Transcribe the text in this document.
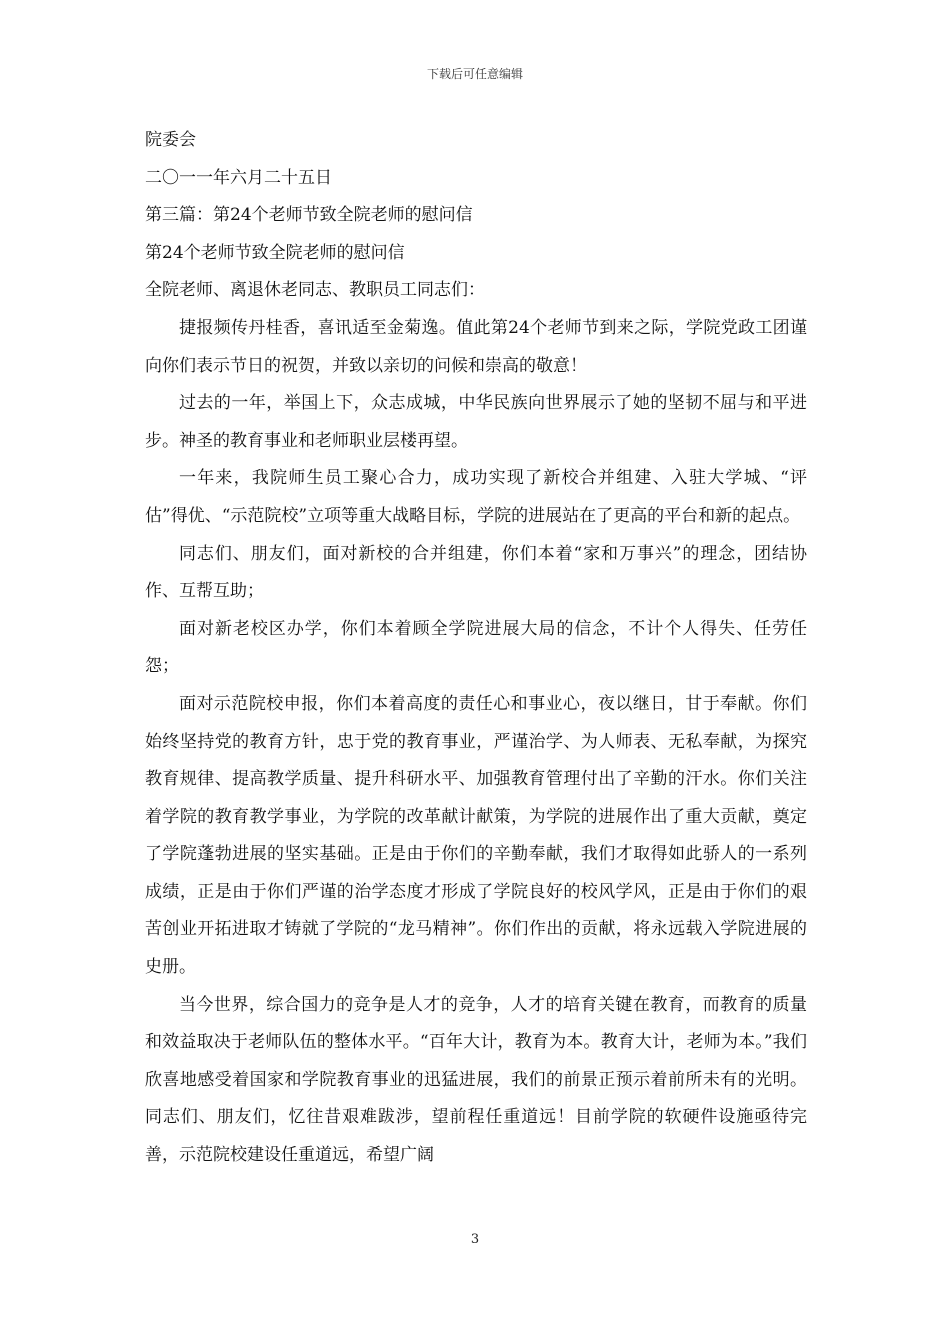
下载后可任意编辑

院委会

二〇一一年六月二十五日

第三篇：第24个老师节致全院老师的慰问信

第24个老师节致全院老师的慰问信

全院老师、离退休老同志、教职员工同志们：

捷报频传丹桂香，喜讯适至金菊逸。值此第24个老师节到来之际，学院党政工团谨向你们表示节日的祝贺，并致以亲切的问候和崇高的敬意！

过去的一年，举国上下，众志成城，中华民族向世界展示了她的坚韧不屈与和平进步。神圣的教育事业和老师职业层楼再望。

一年来，我院师生员工聚心合力，成功实现了新校合并组建、入驻大学城、“评估”得优、“示范院校”立项等重大战略目标，学院的进展站在了更高的平台和新的起点。

同志们、朋友们，面对新校的合并组建，你们本着“家和万事兴”的理念，团结协作、互帮互助；

面对新老校区办学，你们本着顾全学院进展大局的信念，不计个人得失、任劳任怨；

面对示范院校申报，你们本着高度的责任心和事业心，夜以继日，甘于奉献。你们始终坚持党的教育方针，忠于党的教育事业，严谨治学、为人师表、无私奉献，为探究教育规律、提高教学质量、提升科研水平、加强教育管理付出了辛勤的汗水。你们关注着学院的教育教学事业，为学院的改革献计献策，为学院的进展作出了重大贡献，奠定了学院蓬勃进展的坚实基础。正是由于你们的辛勤奉献，我们才取得如此骄人的一系列成绩，正是由于你们严谨的治学态度才形成了学院良好的校风学风，正是由于你们的艰苦创业开拓进取才铸就了学院的“龙马精神”。你们作出的贡献，将永远载入学院进展的史册。

当今世界，综合国力的竞争是人才的竞争，人才的培育关键在教育，而教育的质量和效益取决于老师队伍的整体水平。“百年大计，教育为本。教育大计，老师为本。”我们欣喜地感受着国家和学院教育事业的迅猛进展，我们的前景正预示着前所未有的光明。同志们、朋友们，忆往昔艰难跋涉，望前程任重道远！目前学院的软硬件设施亟待完善，示范院校建设任重道远，希望广阔

3
